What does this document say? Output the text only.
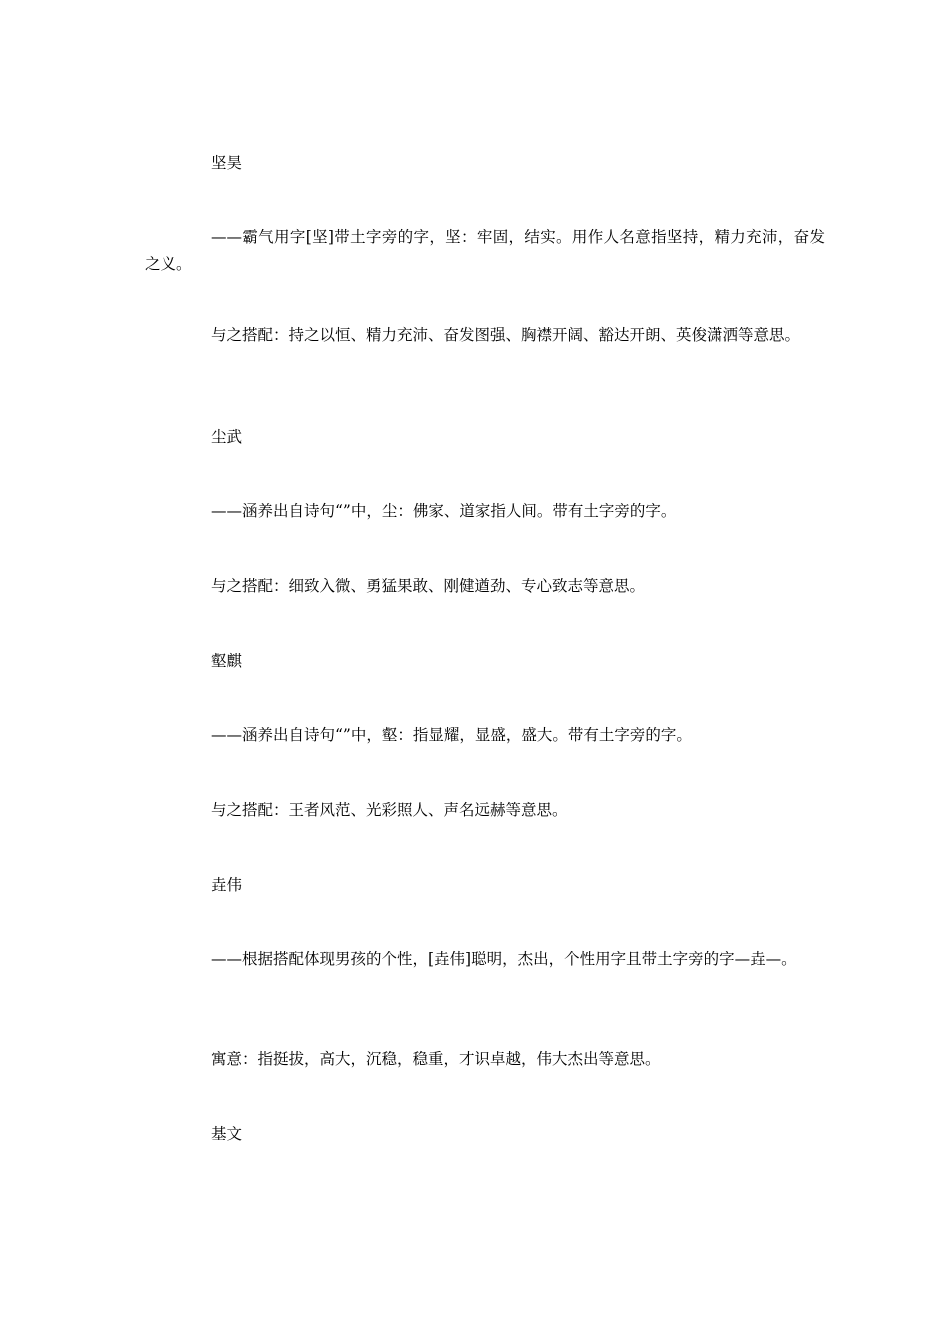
坚昊

——霸气用字[坚]带土字旁的字，坚：牢固，结实。用作人名意指坚持，精力充沛，奋发之义。

与之搭配：持之以恒、精力充沛、奋发图强、胸襟开阔、豁达开朗、英俊潇洒等意思。

尘武

——涵养出自诗句“”中，尘：佛家、道家指人间。带有土字旁的字。

与之搭配：细致入微、勇猛果敢、刚健遒劲、专心致志等意思。

壑麒

——涵养出自诗句“”中，壑：指显耀，显盛，盛大。带有土字旁的字。

与之搭配：王者风范、光彩照人、声名远赫等意思。

垚伟

——根据搭配体现男孩的个性，[垚伟]聪明，杰出，个性用字且带土字旁的字—垚—。

寓意：指挺拔，高大，沉稳，稳重，才识卓越，伟大杰出等意思。

基文
